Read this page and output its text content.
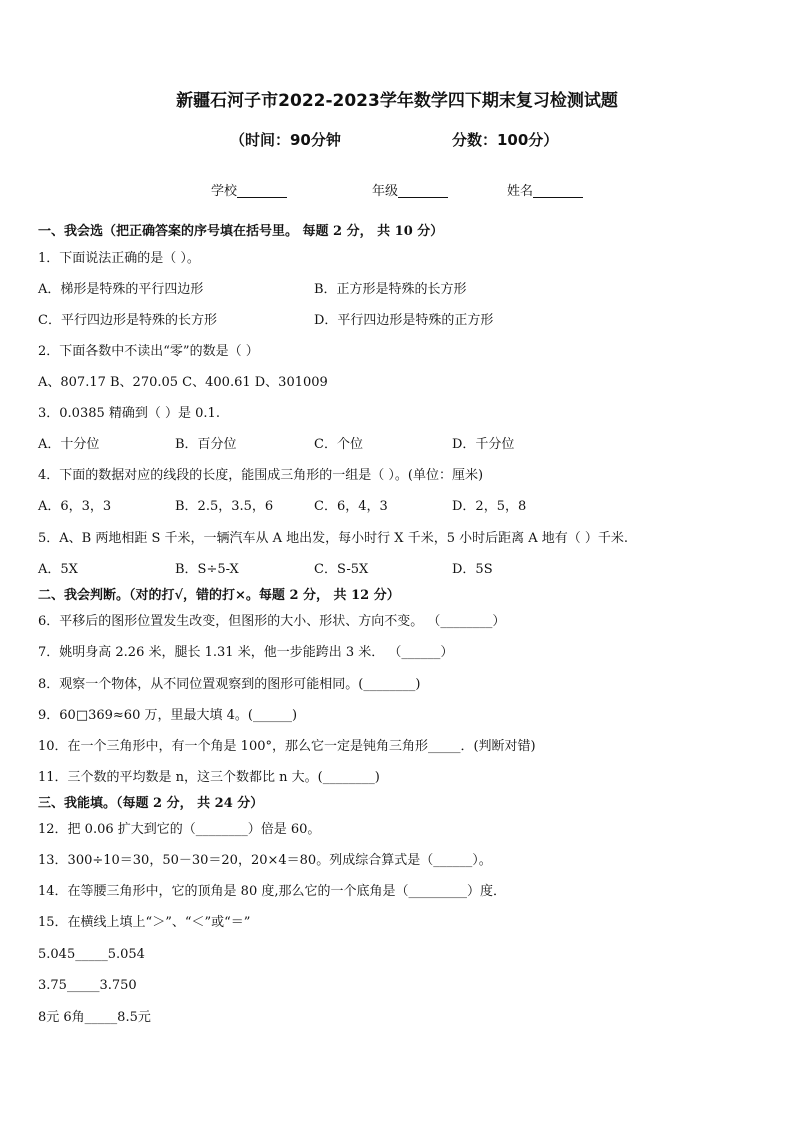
新疆石河子市2022-2023学年数学四下期末复习检测试题
（时间：90分钟	分数：100分）
学校	年级	姓名
一、我会选（把正确答案的序号填在括号里。 每题 2 分， 共 10 分）
1．下面说法正确的是（ ）。
A．梯形是特殊的平行四边形	B．正方形是特殊的长方形
C．平行四边形是特殊的长方形	D．平行四边形是特殊的正方形
2．下面各数中不读出“零”的数是（ ）
A、807.17 B、270.05 C、400.61 D、301009
3．0.0385 精确到（ ）是 0.1.
A．十分位	B．百分位	C．个位	D．千分位
4．下面的数据对应的线段的长度，能围成三角形的一组是（ ）。(单位：厘米)
A．6，3，3	B．2.5，3.5，6	C．6，4，3	D．2，5，8
5．A、B 两地相距 S 千米，一辆汽车从 A 地出发，每小时行 X 千米，5 小时后距离 A 地有（ ）千米.
A．5X	B．S÷5-X	C．S-5X	D．5S
二、我会判断。（对的打√，错的打×。每题 2 分， 共 12 分）
6．平移后的图形位置发生改变，但图形的大小、形状、方向不变。 （________）
7．姚明身高 2.26 米，腿长 1.31 米，他一步能跨出 3 米． （______）
8．观察一个物体，从不同位置观察到的图形可能相同。(________)
9．60□369≈60 万，里最大填 4。(______)
10．在一个三角形中，有一个角是 100°，那么它一定是钝角三角形_____．(判断对错)
11．三个数的平均数是 n，这三个数都比 n 大。(________)
三、我能填。（每题 2 分， 共 24 分）
12．把 0.06 扩大到它的（________）倍是 60。
13．300÷10＝30，50－30＝20，20×4＝80。列成综合算式是（______）。
14．在等腰三角形中，它的顶角是 80 度,那么它的一个底角是（_________）度．
15．在横线上填上“＞”、“＜”或“＝”
5.045_____5.054
3.75_____3.750
8元 6角_____8.5元
